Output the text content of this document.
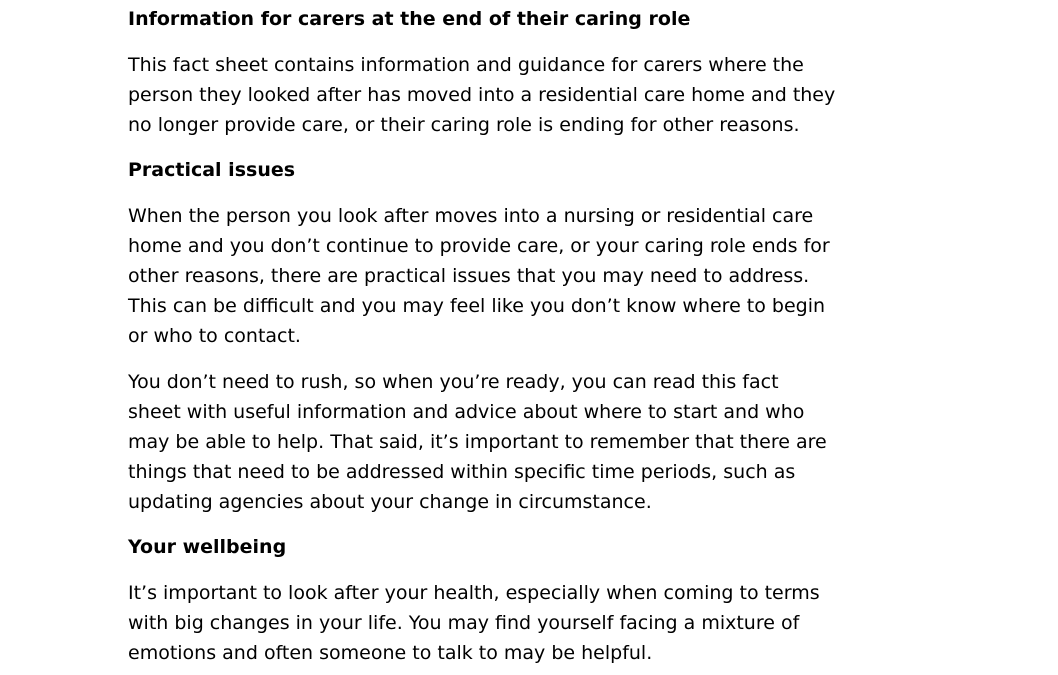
Information for carers at the end of their caring role

This fact sheet contains information and guidance for carers where the
person they looked after has moved into a residential care home and they
no longer provide care, or their caring role is ending for other reasons.

Practical issues

When the person you look after moves into a nursing or residential care
home and you don’t continue to provide care, or your caring role ends for
other reasons, there are practical issues that you may need to address.
This can be difficult and you may feel like you don’t know where to begin
or who to contact.

You don’t need to rush, so when you’re ready, you can read this fact
sheet with useful information and advice about where to start and who
may be able to help. That said, it’s important to remember that there are
things that need to be addressed within specific time periods, such as
updating agencies about your change in circumstance.

Your wellbeing

It’s important to look after your health, especially when coming to terms
with big changes in your life. You may find yourself facing a mixture of
emotions and often someone to talk to may be helpful.
